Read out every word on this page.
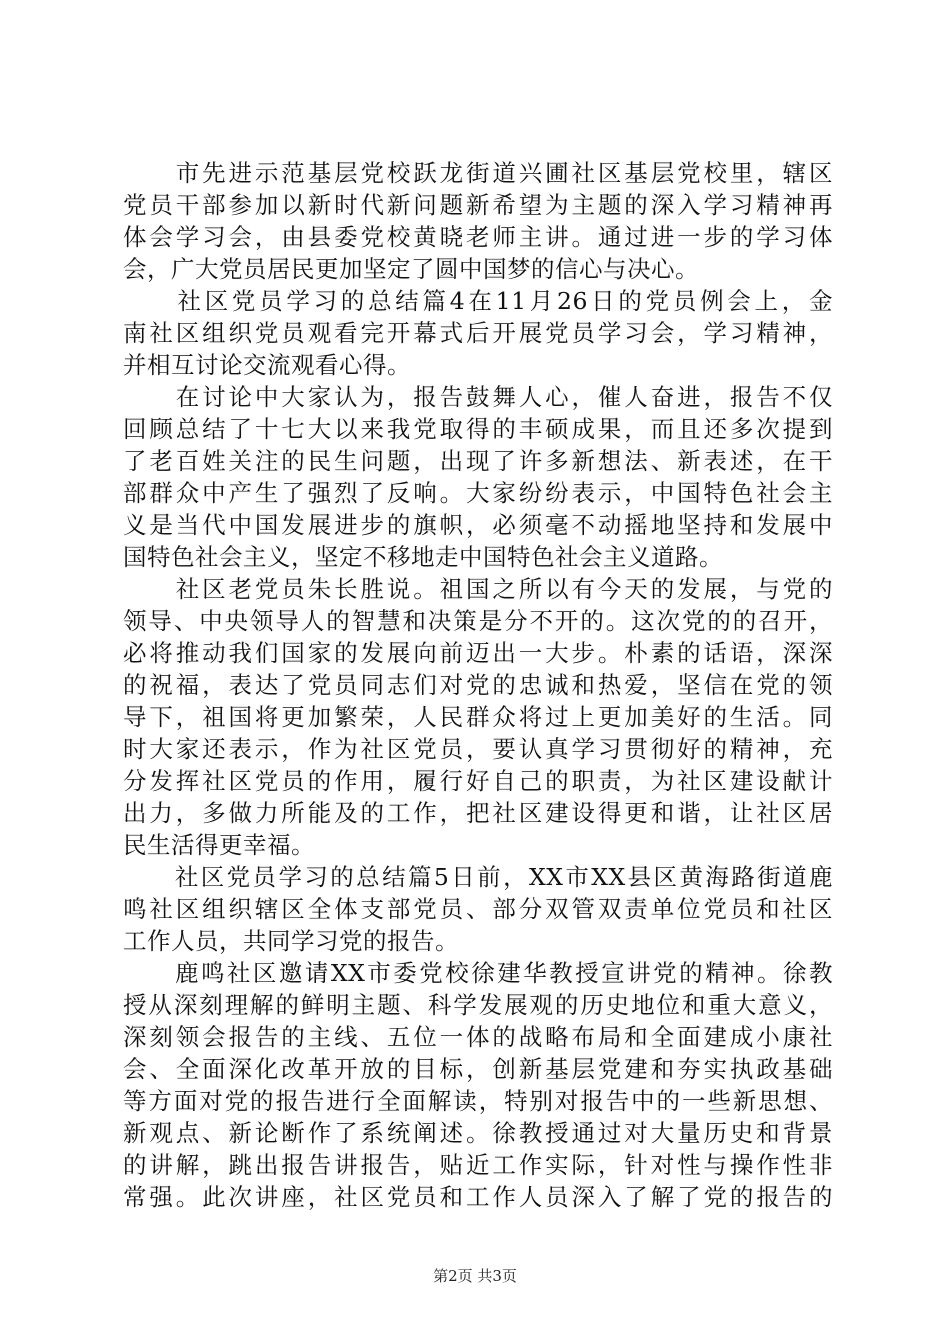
　　市先进示范基层党校跃龙街道兴圃社区基层党校里，辖区
党员干部参加以新时代新问题新希望为主题的深入学习精神再
体会学习会，由县委党校黄晓老师主讲。通过进一步的学习体
会，广大党员居民更加坚定了圆中国梦的信心与决心。
　　社区党员学习的总结篇4在11月26日的党员例会上，金
南社区组织党员观看完开幕式后开展党员学习会，学习精神，
并相互讨论交流观看心得。
　　在讨论中大家认为，报告鼓舞人心，催人奋进，报告不仅
回顾总结了十七大以来我党取得的丰硕成果，而且还多次提到
了老百姓关注的民生问题，出现了许多新想法、新表述，在干
部群众中产生了强烈了反响。大家纷纷表示，中国特色社会主
义是当代中国发展进步的旗帜，必须毫不动摇地坚持和发展中
国特色社会主义，坚定不移地走中国特色社会主义道路。
　　社区老党员朱长胜说。祖国之所以有今天的发展，与党的
领导、中央领导人的智慧和决策是分不开的。这次党的的召开，
必将推动我们国家的发展向前迈出一大步。朴素的话语，深深
的祝福，表达了党员同志们对党的忠诚和热爱，坚信在党的领
导下，祖国将更加繁荣，人民群众将过上更加美好的生活。同
时大家还表示，作为社区党员，要认真学习贯彻好的精神，充
分发挥社区党员的作用，履行好自己的职责，为社区建设献计
出力，多做力所能及的工作，把社区建设得更和谐，让社区居
民生活得更幸福。
　　社区党员学习的总结篇5日前，XX市XX县区黄海路街道鹿
鸣社区组织辖区全体支部党员、部分双管双责单位党员和社区
工作人员，共同学习党的报告。
　　鹿鸣社区邀请XX市委党校徐建华教授宣讲党的精神。徐教
授从深刻理解的鲜明主题、科学发展观的历史地位和重大意义，
深刻领会报告的主线、五位一体的战略布局和全面建成小康社
会、全面深化改革开放的目标，创新基层党建和夯实执政基础
等方面对党的报告进行全面解读，特别对报告中的一些新思想、
新观点、新论断作了系统阐述。徐教授通过对大量历史和背景
的讲解，跳出报告讲报告，贴近工作实际，针对性与操作性非
常强。此次讲座，社区党员和工作人员深入了解了党的报告的
第2页 共3页
